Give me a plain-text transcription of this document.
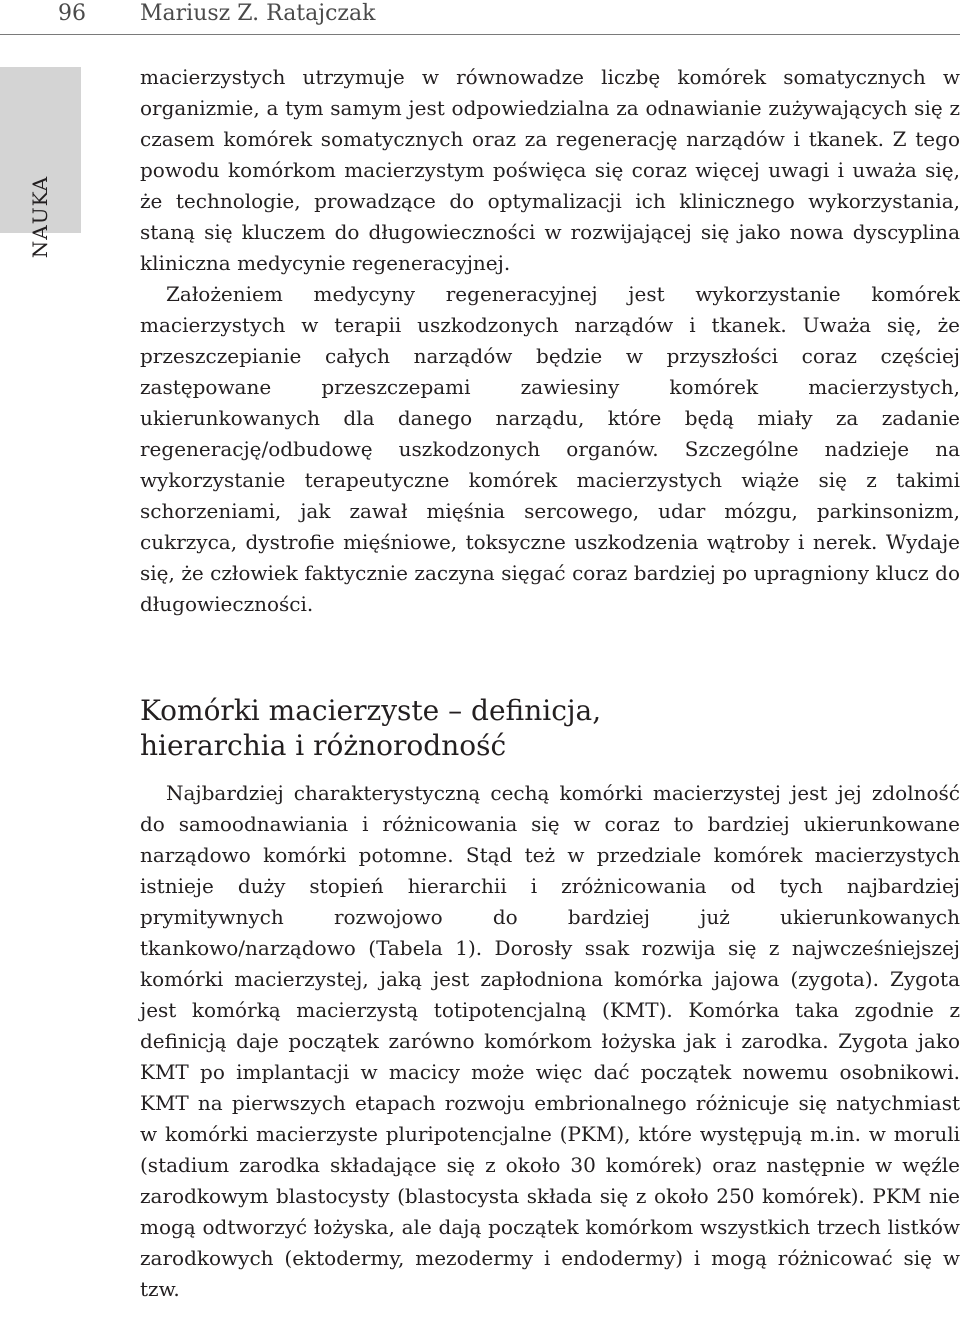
96 Mariusz Z. Ratajczak
NAUKA

macierzystych utrzymuje w równowadze liczbę komórek somatycznych w organizmie, a tym samym jest odpowiedzialna za odnawianie zużywających się z czasem komórek somatycznych oraz za regenerację narządów i tkanek. Z tego powodu komórkom macierzystym poświęca się coraz więcej uwagi i uważa się, że technologie, prowadzące do optymalizacji ich klinicznego wykorzystania, staną się kluczem do długowieczności w rozwijającej się jako nowa dyscyplina kliniczna medycynie regeneracyjnej.

Założeniem medycyny regeneracyjnej jest wykorzystanie komórek macierzystych w terapii uszkodzonych narządów i tkanek. Uważa się, że przeszczepianie całych narządów będzie w przyszłości coraz częściej zastępowane przeszczepami zawiesiny komórek macierzystych, ukierunkowanych dla danego narządu, które będą miały za zadanie regenerację/odbudowę uszkodzonych organów. Szczególne nadzieje na wykorzystanie terapeutyczne komórek macierzystych wiąże się z takimi schorzeniami, jak zawał mięśnia sercowego, udar mózgu, parkinsonizm, cukrzyca, dystrofie mięśniowe, toksyczne uszkodzenia wątroby i nerek. Wydaje się, że człowiek faktycznie zaczyna sięgać coraz bardziej po upragniony klucz do długowieczności.

Komórki macierzyste – definicja,
hierarchia i różnorodność

Najbardziej charakterystyczną cechą komórki macierzystej jest jej zdolność do samoodnawiania i różnicowania się w coraz to bardziej ukierunkowane narządowo komórki potomne. Stąd też w przedziale komórek macierzystych istnieje duży stopień hierarchii i zróżnicowania od tych najbardziej prymitywnych rozwojowo do bardziej już ukierunkowanych tkankowo/narządowo (Tabela 1). Dorosły ssak rozwija się z najwcześniejszej komórki macierzystej, jaką jest zapłodniona komórka jajowa (zygota). Zygota jest komórką macierzystą totipotencjalną (KMT). Komórka taka zgodnie z definicją daje początek zarówno komórkom łożyska jak i zarodka. Zygota jako KMT po implantacji w macicy może więc dać początek nowemu osobnikowi. KMT na pierwszych etapach rozwoju embrionalnego różnicuje się natychmiast w komórki macierzyste pluripotencjalne (PKM), które występują m.in. w moruli (stadium zarodka składające się z około 30 komórek) oraz następnie w węźle zarodkowym blastocysty (blastocysta składa się z około 250 komórek). PKM nie mogą odtworzyć łożyska, ale dają początek komórkom wszystkich trzech listków zarodkowych (ektodermy, mezodermy i endodermy) i mogą różnicować się w tzw.
